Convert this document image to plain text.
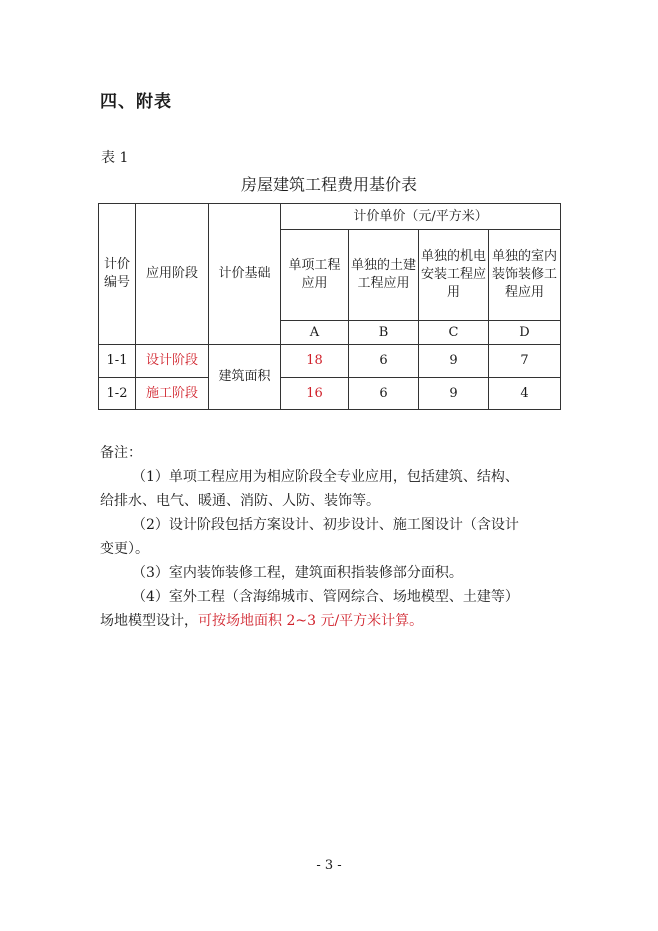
四、附表
表 1
房屋建筑工程费用基价表
计价编号	应用阶段	计价基础	计价单价（元/平方米）			
			单项工程应用	单独的土建工程应用	单独的机电安装工程应用	单独的室内装饰装修工程应用
			A	B	C	D
1-1	设计阶段	建筑面积	18	6	9	7
1-2	施工阶段		16	6	9	4

备注：

（1）单项工程应用为相应阶段全专业应用，包括建筑、结构、

给排水、电气、暖通、消防、人防、装饰等。

（2）设计阶段包括方案设计、初步设计、施工图设计（含设计

变更）。

（3）室内装饰装修工程，建筑面积指装修部分面积。

（4）室外工程（含海绵城市、管网综合、场地模型、土建等）

场地模型设计，可按场地面积 2~3 元/平方米计算。

- 3 -
